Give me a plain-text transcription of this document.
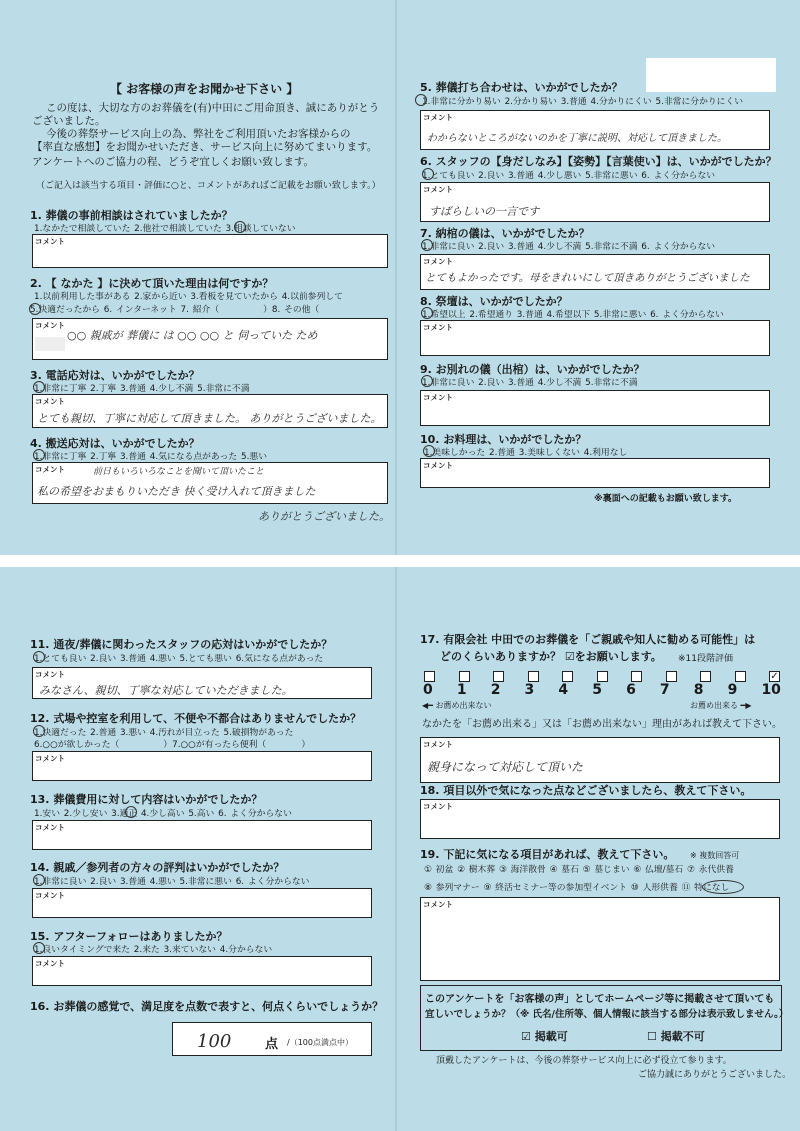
【 お客様の声をお聞かせ下さい 】
この度は、大切な方のお葬儀を(有)中田にご用命頂き、誠にありがとう
ございました。
今後の葬祭サービス向上の為、弊社をご利用頂いたお客様からの
【率直な感想】をお聞かせいただき、サービス向上に努めてまいります。
アンケートへのご協力の程、どうぞ宜しくお願い致します。
（ご記入は該当する項目・評価に○と、コメントがあればご記載をお願い致します。）
1. 葬儀の事前相談はされていましたか？
1.なかたで相談していた 2.他社で相談していた 3.相談していない
コメント
2. 【 なかた 】に決めて頂いた理由は何ですか？
1.以前利用した事がある 2.家から近い 3.看板を見ていたから 4.以前参列して
5.快適だったから 6. インターネット 7. 紹介（　　　　　）8. その他（
コメント
○○ 親戚が 葬儀に は ○○ ○○ と 伺っていた ため
3. 電話応対は、いかがでしたか？
1.非常に丁寧 2.丁寧 3.普通 4.少し不満 5.非常に不満
コメント
とても親切、丁寧に対応して頂きました。 ありがとうございました。
4. 搬送応対は、いかがでしたか？
1.非常に丁寧 2.丁寧 3.普通 4.気になる点があった 5.悪い
コメント	前日もいろいろなことを聞いて頂いたこと
私の希望をおまもりいただき 快く受け入れて頂きました
ありがとうございました。
5. 葬儀打ち合わせは、いかがでしたか？
1.非常に分かり易い 2.分かり易い 3.普通 4.分かりにくい 5.非常に分かりにくい
コメント
わからないところがないのかを丁寧に説明、対応して頂きました。
6. スタッフの【身だしなみ】【姿勢】【言葉使い】は、いかがでしたか？
1.とても良い 2.良い 3.普通 4.少し悪い 5.非常に悪い 6. よく分からない
コメント
すばらしいの一言です
7. 納棺の儀は、いかがでしたか？
1.非常に良い 2.良い 3.普通 4.少し不満 5.非常に不満 6. よく分からない
コメント
とてもよかったです。母をきれいにして頂きありがとうございました
8. 祭壇は、いかがでしたか？
1.希望以上 2.希望通り 3.普通 4.希望以下 5.非常に悪い 6. よく分からない
コメント
9. お別れの儀（出棺）は、いかがでしたか？
1.非常に良い 2.良い 3.普通 4.少し不満 5.非常に不満
コメント
10. お料理は、いかがでしたか？
1.美味しかった 2.普通 3.美味しくない 4.利用なし
コメント
※裏面への記載もお願い致します。
11. 通夜/葬儀に関わったスタッフの応対はいかがでしたか？
1.とても良い 2.良い 3.普通 4.悪い 5.とても悪い 6.気になる点があった
コメント
みなさん、親切、丁寧な対応していただきました。
12. 式場や控室を利用して、不便や不都合はありませんでしたか？
1.快適だった 2.普通 3.悪い 4.汚れが目立った 5.破損物があった
6.○○が欲しかった（　　　　　）7.○○が有ったら便利（　　　　）
コメント
13. 葬儀費用に対して内容はいかがでしたか？
1.安い 2.少し安い 3.適正 4.少し高い 5.高い 6. よく分からない
コメント
14. 親戚／参列者の方々の評判はいかがでしたか？
1.非常に良い 2.良い 3.普通 4.悪い 5.非常に悪い 6. よく分からない
コメント
15. アフターフォローはありましたか？
1.良いタイミングで来た 2.来た 3.来ていない 4.分からない
コメント
16. お葬儀の感覚で、満足度を点数で表すと、何点くらいでしょうか？
100	点 /（100点満点中）
17. 有限会社 中田でのお葬儀を「ご親戚や知人に勧める可能性」は
どのくらいありますか？ ☑をお願いします。 ※11段階評価
✓
0 1 2 3 4 5 6 7 8 9 10
◀━ お薦め出来ない	お薦め出来る ━▶
なかたを「お薦め出来る」又は「お薦め出来ない」理由があれば教えて下さい。
コメント
親身になって対応して頂いた
18. 項目以外で気になった点などございましたら、教えて下さい。
コメント
19. 下記に気になる項目があれば、教えて下さい。 ※ 複数回答可
① 初盆 ② 樹木葬 ③ 海洋散骨 ④ 墓石 ⑤ 墓じまい ⑥ 仏壇/墓石 ⑦ 永代供養
⑧ 参列マナー ⑨ 終活セミナー等の参加型イベント ⑩ 人形供養 ⑪ 特になし
コメント
このアンケートを「お客様の声」としてホームページ等に掲載させて頂いても
宜しいでしょうか？（※ 氏名/住所等、個人情報に該当する部分は表示致しません。）
☑ 掲載可	☐ 掲載不可
頂戴したアンケートは、今後の葬祭サービス向上に必ず役立て参ります。
ご協力誠にありがとうございました。
